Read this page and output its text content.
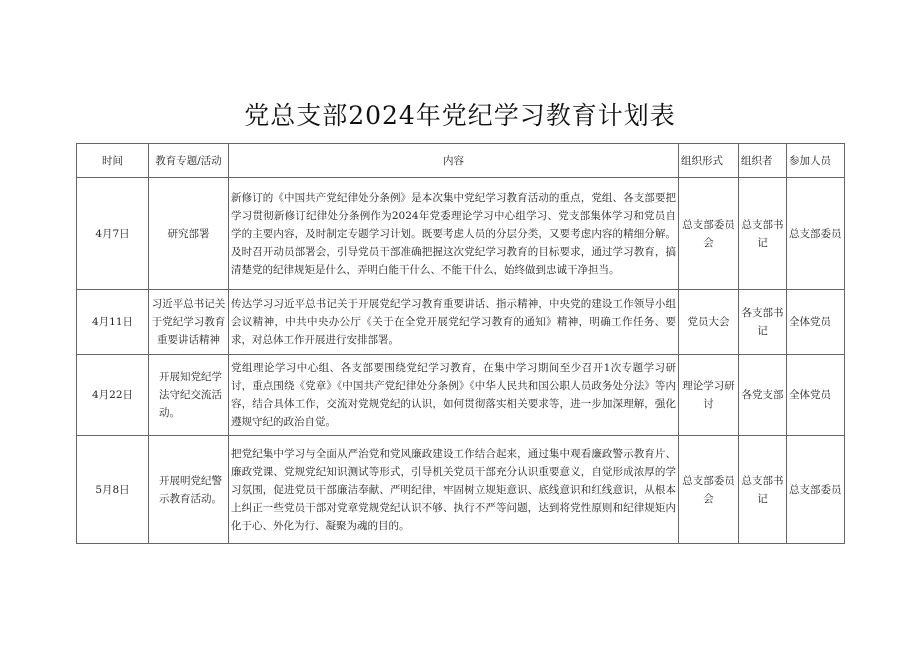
党总支部2024年党纪学习教育计划表
时间	教育专题/活动	内容	组织形式	组织者	参加人员
4月7日	研究部署	新修订的《中国共产党纪律处分条例》是本次集中党纪学习教育活动的重点，党组、各支部要把学习贯彻新修订纪律处分条例作为2024年党委理论学习中心组学习、党支部集体学习和党员自学的主要内容，及时制定专题学习计划。既要考虑人员的分层分类，又要考虑内容的精细分解。及时召开动员部署会，引导党员干部准确把握这次党纪学习教育的目标要求，通过学习教育，搞清楚党的纪律规矩是什么，弄明白能干什么、不能干什么，始终做到忠诚干净担当。	总支部委员会	总支部书记	总支部委员
4月11日	习近平总书记关于党纪学习教育重要讲话精神	传达学习习近平总书记关于开展党纪学习教育重要讲话、指示精神，中央党的建设工作领导小组会议精神，中共中央办公厅《关于在全党开展党纪学习教育的通知》精神，明确工作任务、要求，对总体工作开展进行安排部署。	党员大会	各支部书记	全体党员
4月22日	开展知党纪学法守纪交流活动。	党组理论学习中心组、各支部要围绕党纪学习教育，在集中学习期间至少召开1次专题学习研讨，重点围绕《党章》《中国共产党纪律处分条例》《中华人民共和国公职人员政务处分法》等内容，结合具体工作，交流对党规党纪的认识，如何贯彻落实相关要求等，进一步加深理解，强化遵规守纪的政治自觉。	理论学习研讨	各党支部	全体党员
5月8日	开展明党纪警示教育活动。	把党纪集中学习与全面从严治党和党风廉政建设工作结合起来，通过集中观看廉政警示教育片、廉政党课、党规党纪知识测试等形式，引导机关党员干部充分认识重要意义，自觉形成浓厚的学习氛围，促进党员干部廉洁奉献、严明纪律，牢固树立规矩意识、底线意识和红线意识，从根本上纠正一些党员干部对党章党规党纪认识不够、执行不严等问题，达到将党性原则和纪律规矩内化于心、外化为行、凝聚为魂的目的。	总支部委员会	总支部书记	总支部委员
